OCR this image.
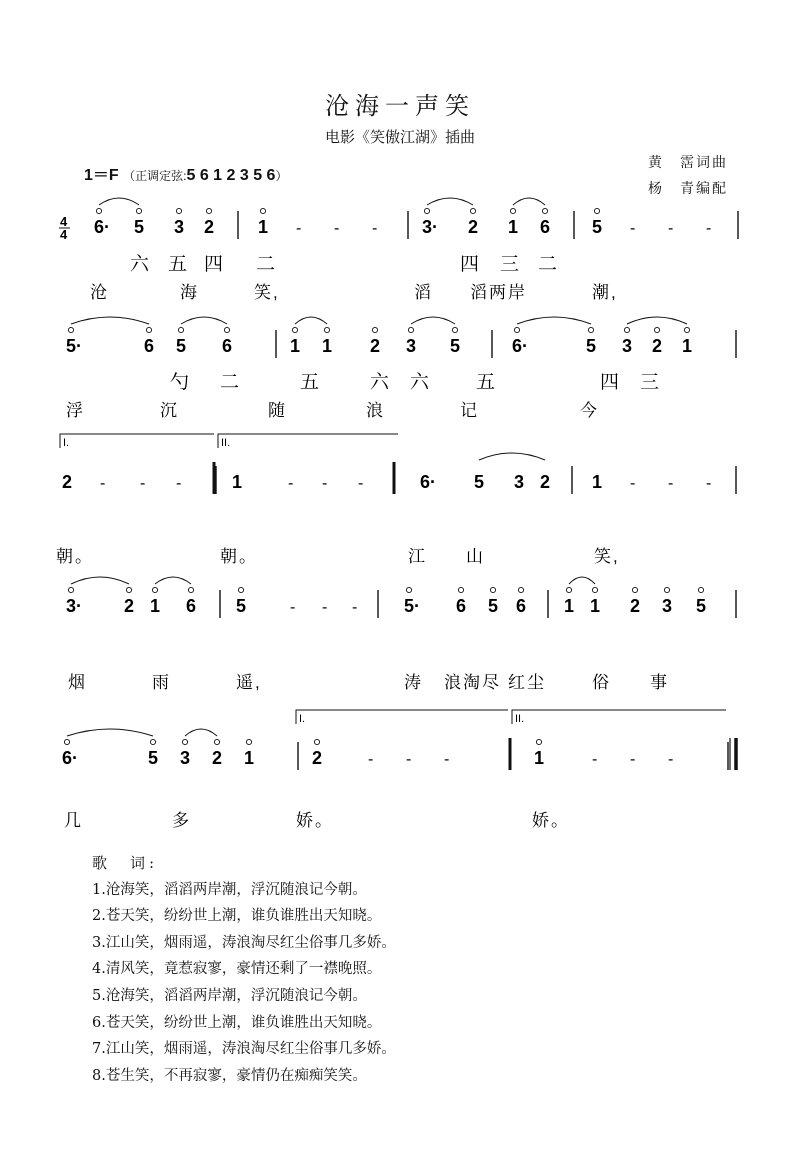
沧海一声笑
电影《笑傲江湖》插曲
黄　霑词曲
杨　青编配
1＝F （正调定弦:5 6 1 2 3 5 6）
4
4 6· 5 3 2 1 - - - 3· 2 1 6 5 - - -
六 五 四 二	四 三 二
沧	海	笑,	滔 滔两岸	潮,
5·	6 5 6	1 1 2 3 5	6·	5 3 2 1
勺 二	五	六 六 五	四 三
浮	沉	随	浪	记	今
2 - - -	1	- - -	6· 5 3 2 1 - - -
I.	II.
朝。	朝。	江 山	笑,
3· 2 1 6 5	- - -	5· 6 5 6 1 1 2 3 5
烟	雨	遥,	涛 浪淘尽 红尘	俗 事
6·	5 3 2 1	2	- - -	1	- - -
I.	II.
几	多	娇。	娇。
歌　词:
1.沧海笑，滔滔两岸潮，浮沉随浪记今朝。
2.苍天笑，纷纷世上潮，谁负谁胜出天知晓。
3.江山笑，烟雨遥，涛浪淘尽红尘俗事几多娇。
4.清风笑，竟惹寂寥，豪情还剩了一襟晚照。
5.沧海笑，滔滔两岸潮，浮沉随浪记今朝。
6.苍天笑，纷纷世上潮，谁负谁胜出天知晓。
7.江山笑，烟雨遥，涛浪淘尽红尘俗事几多娇。
8.苍生笑，不再寂寥，豪情仍在痴痴笑笑。
